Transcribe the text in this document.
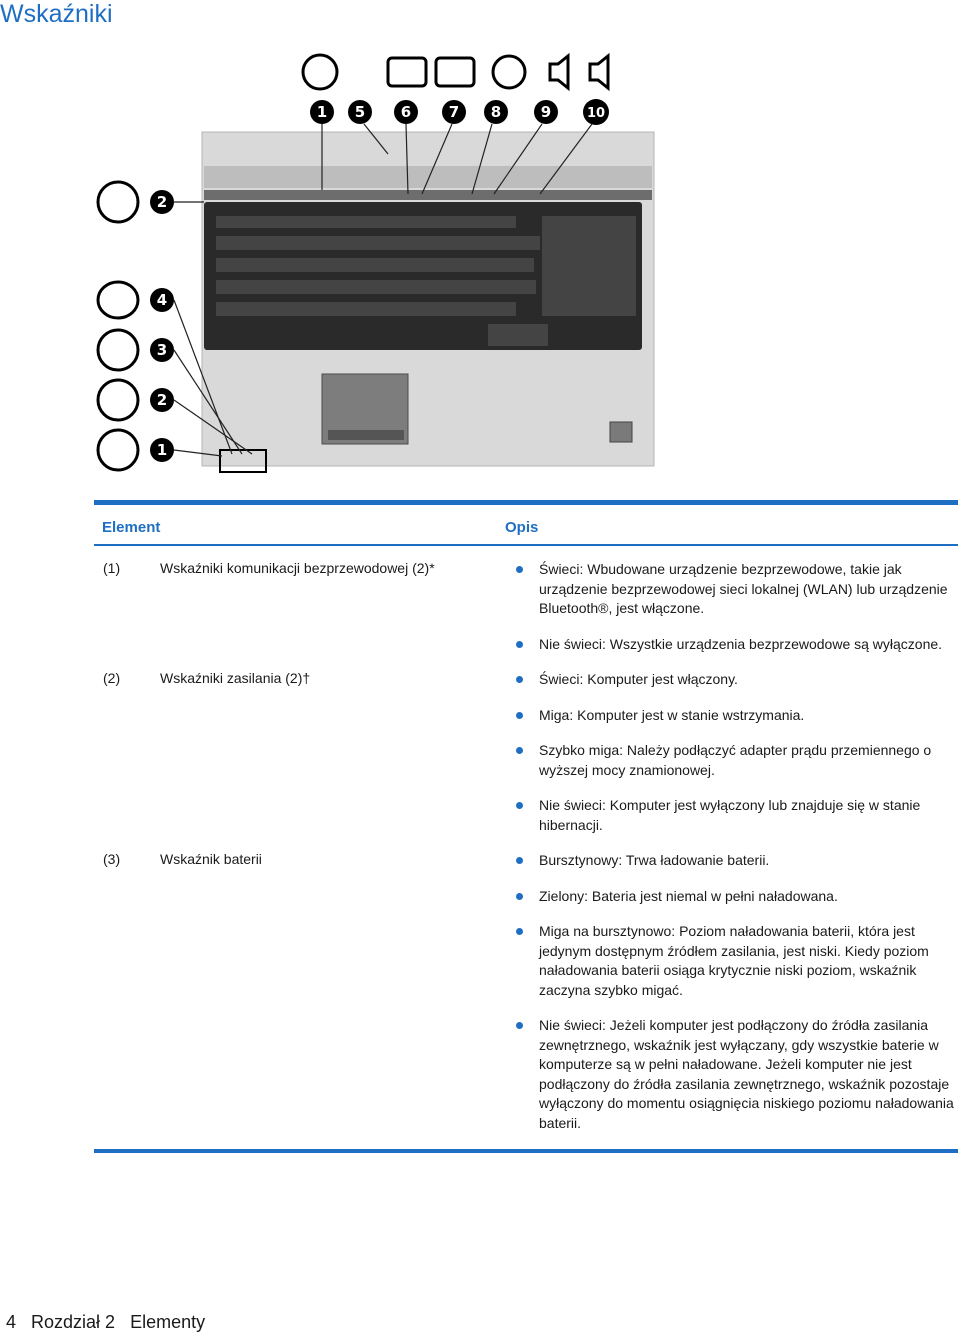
Wskaźniki
1 5 6	7 8	9	10
2
4
3
2
1
Element	Opis
(1)	Wskaźniki komunikacji bezprzewodowej (2)*	Świeci: Wbudowane urządzenie bezprzewodowe, takie jak urządzenie bezprzewodowej sieci lokalnej (WLAN) lub urządzenie Bluetooth®, jest włączone.
Nie świeci: Wszystkie urządzenia bezprzewodowe są wyłączone.
(2)	Wskaźniki zasilania (2)†	Świeci: Komputer jest włączony.
Miga: Komputer jest w stanie wstrzymania.
Szybko miga: Należy podłączyć adapter prądu przemiennego o wyższej mocy znamionowej.
Nie świeci: Komputer jest wyłączony lub znajduje się w stanie hibernacji.
(3)	Wskaźnik baterii	Bursztynowy: Trwa ładowanie baterii.
Zielony: Bateria jest niemal w pełni naładowana.
Miga na bursztynowo: Poziom naładowania baterii, która jest jedynym dostępnym źródłem zasilania, jest niski. Kiedy poziom naładowania baterii osiąga krytycznie niski poziom, wskaźnik zaczyna szybko migać.
Nie świeci: Jeżeli komputer jest podłączony do źródła zasilania zewnętrznego, wskaźnik jest wyłączany, gdy wszystkie baterie w komputerze są w pełni naładowane. Jeżeli komputer nie jest podłączony do źródła zasilania zewnętrznego, wskaźnik pozostaje wyłączony do momentu osiągnięcia niskiego poziomu naładowania baterii.
4 Rozdział 2 Elementy
